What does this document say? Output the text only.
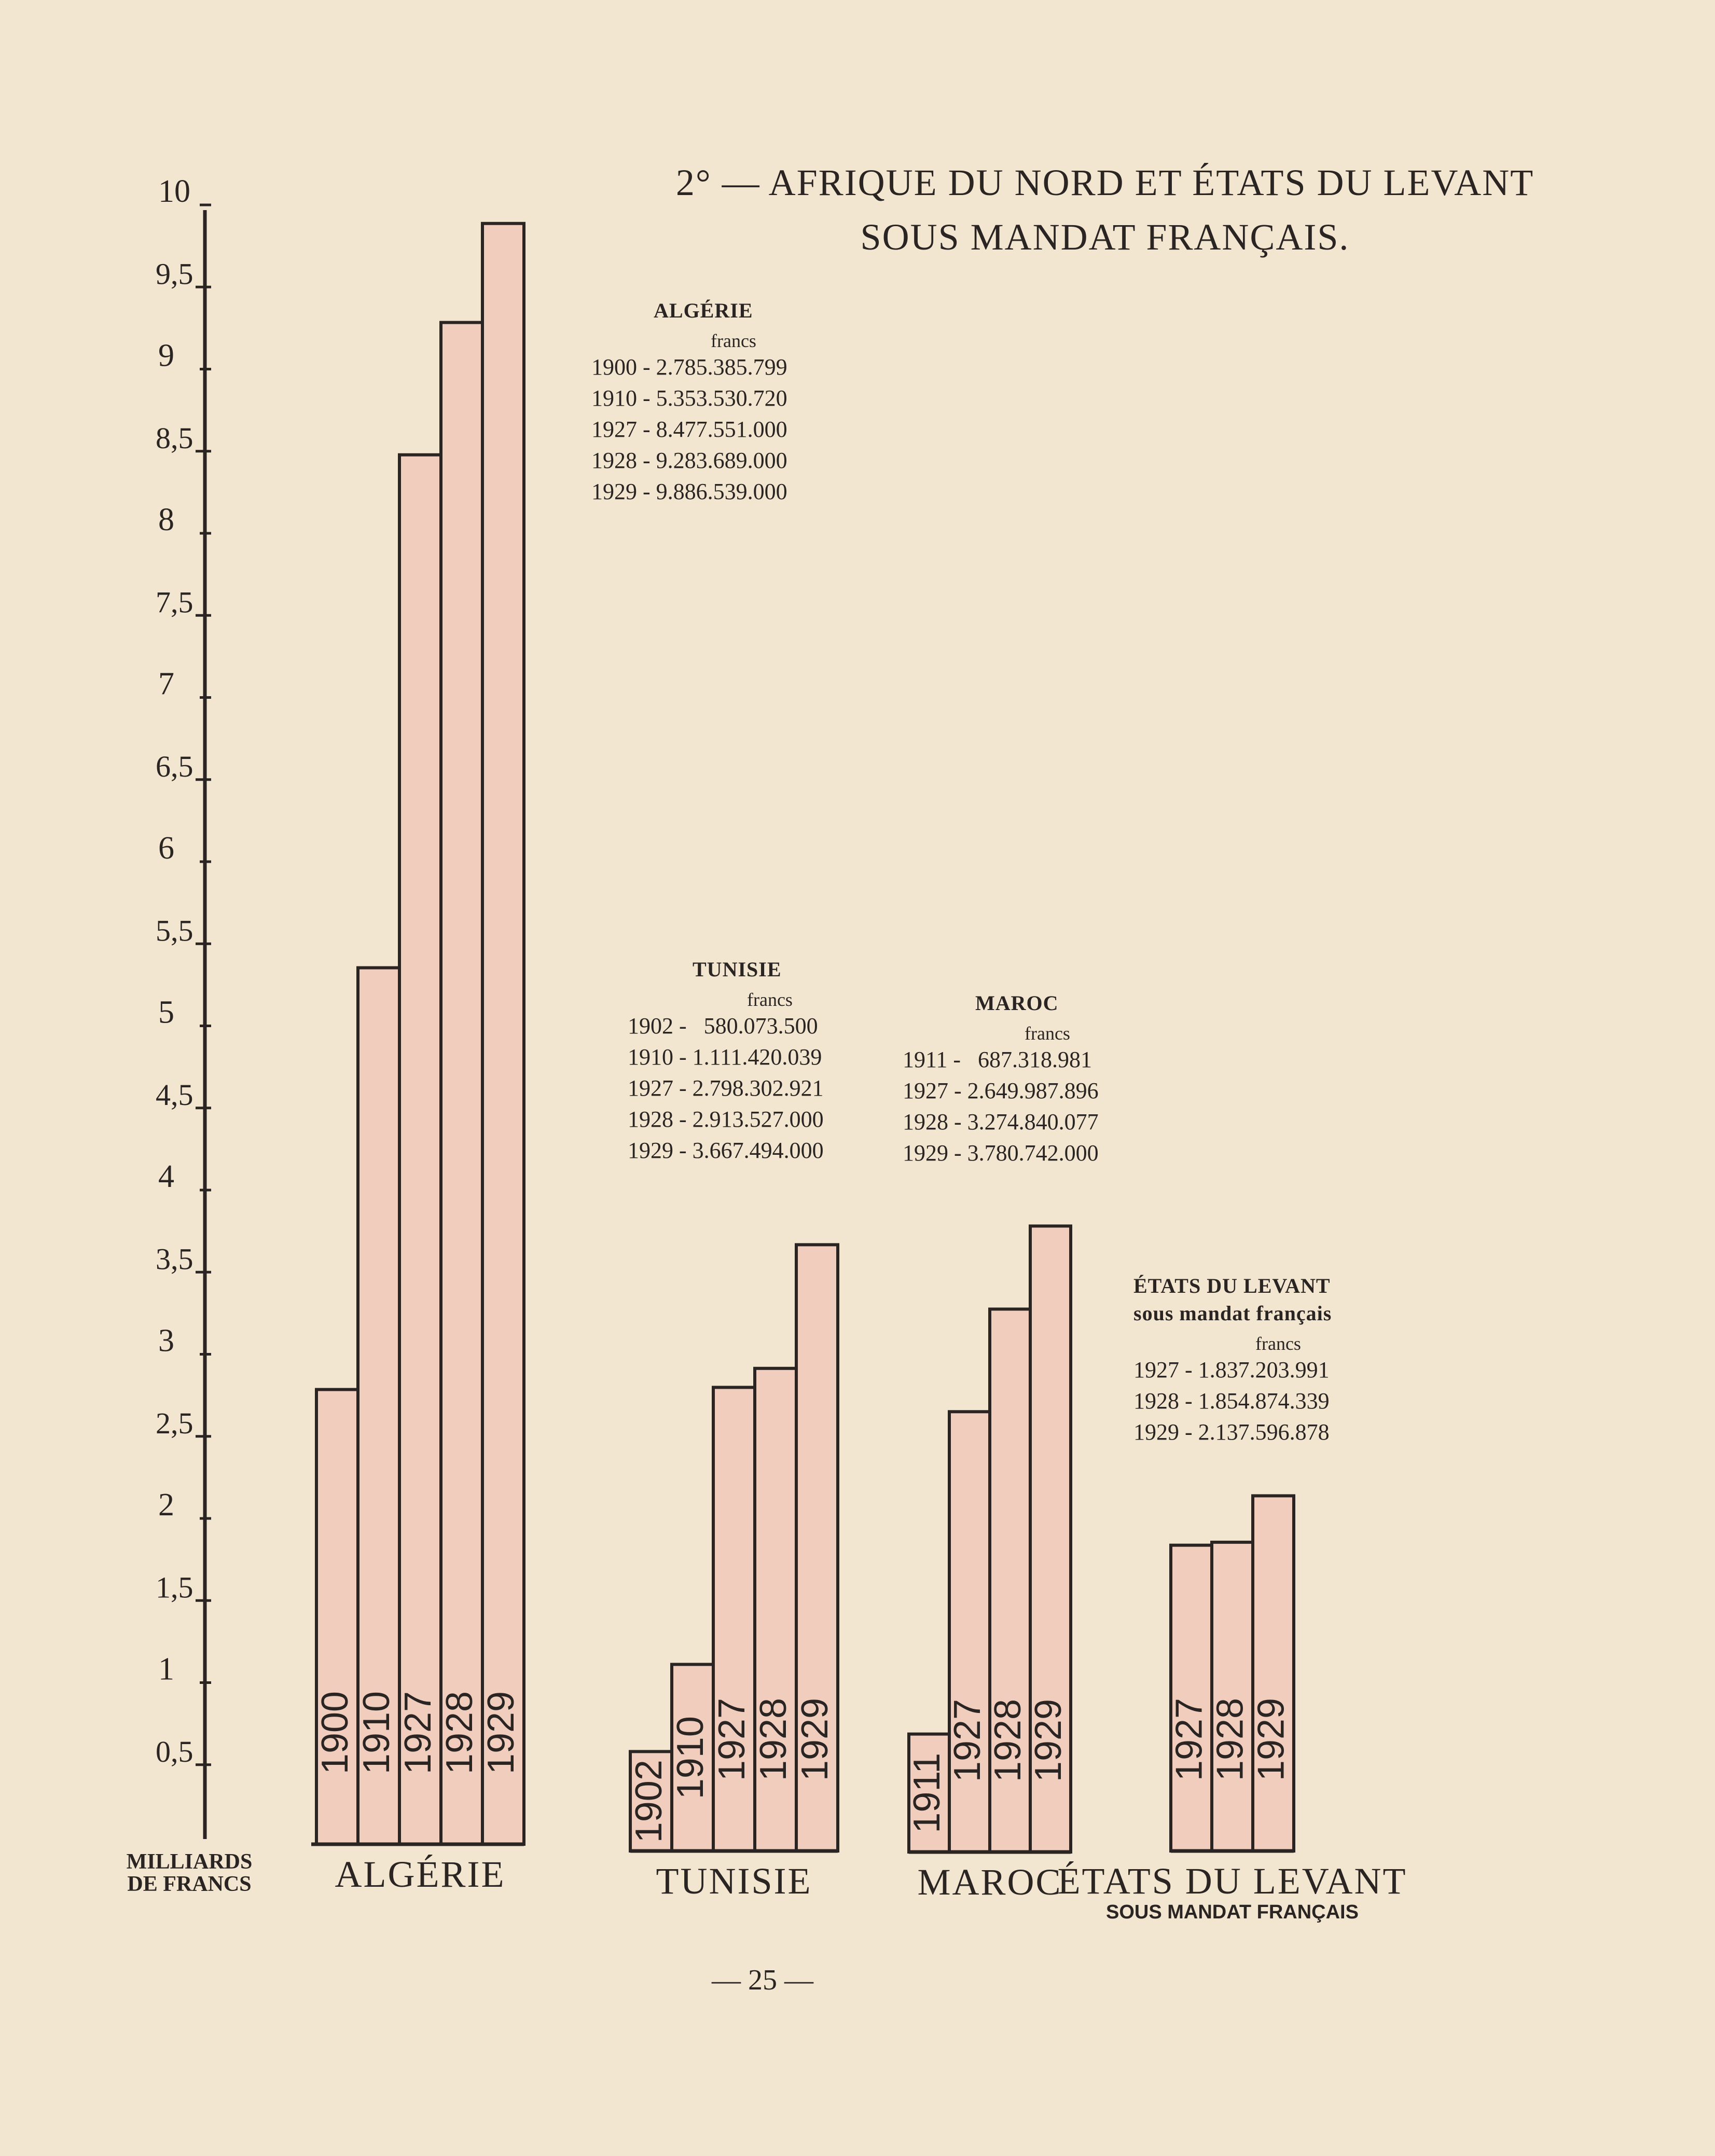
0,5
1
1,5
2
2,5
3
3,5
4
4,5
5
5,5
6
6,5
7
7,5
8
8,5
9
9,5
10
MILLIARDS
DE FRANCS
1900 1910 1927 1928 1929
ALGÉRIE
1902
1910 1927 1928 1929
TUNISIE
1911
1927
1928
1929
MAROC
1927 1928 1929
ÉTATS DU LEVANT
SOUS MANDAT FRANÇAIS
2° — AFRIQUE DU NORD ET ÉTATS DU LEVANT
SOUS MANDAT FRANÇAIS.
ALGÉRIE
francs
1900 - 2.785.385.799
1910 - 5.353.530.720
1927 - 8.477.551.000
1928 - 9.283.689.000
1929 - 9.886.539.000
TUNISIE
francs
1902 -   580.073.500
1910 - 1.111.420.039
1927 - 2.798.302.921
1928 - 2.913.527.000
1929 - 3.667.494.000
MAROC
francs
1911 -   687.318.981
1927 - 2.649.987.896
1928 - 3.274.840.077
1929 - 3.780.742.000
ÉTATS DU LEVANT
sous mandat français
francs
1927 - 1.837.203.991
1928 - 1.854.874.339
1929 - 2.137.596.878
— 25 —
